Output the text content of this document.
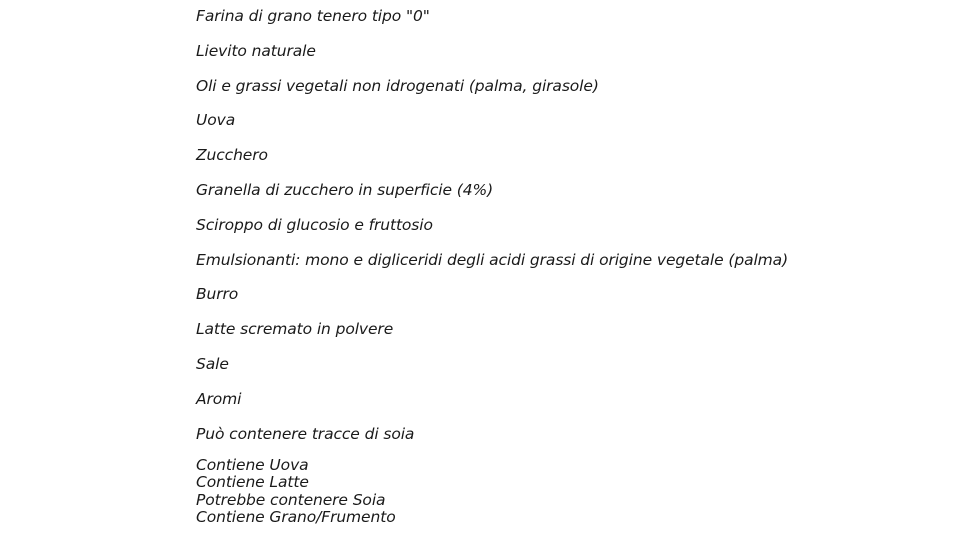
Farina di grano tenero tipo "0"
Lievito naturale
Oli e grassi vegetali non idrogenati (palma, girasole)
Uova
Zucchero
Granella di zucchero in superficie (4%)
Sciroppo di glucosio e fruttosio
Emulsionanti: mono e digliceridi degli acidi grassi di origine vegetale (palma)
Burro
Latte scremato in polvere
Sale
Aromi
Può contenere tracce di soia
Contiene Uova
Contiene Latte
Potrebbe contenere Soia
Contiene Grano/Frumento
